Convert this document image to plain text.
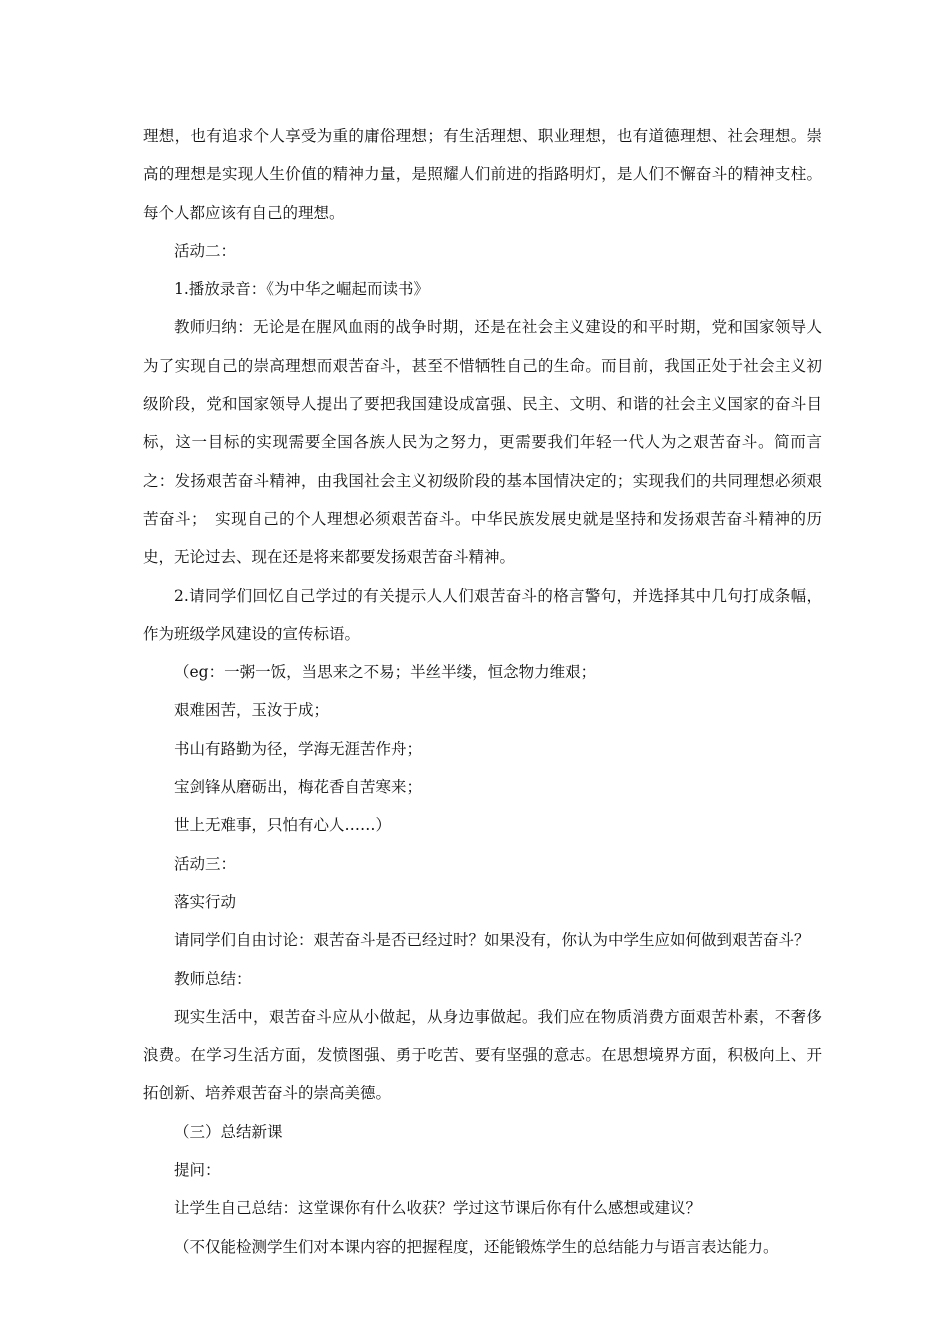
理想，也有追求个人享受为重的庸俗理想；有生活理想、职业理想，也有道德理想、社会理想。崇高的理想是实现人生价值的精神力量，是照耀人们前进的指路明灯，是人们不懈奋斗的精神支柱。每个人都应该有自己的理想。

活动二：

1.播放录音：《为中华之崛起而读书》

教师归纳：无论是在腥风血雨的战争时期，还是在社会主义建设的和平时期，党和国家领导人为了实现自己的崇高理想而艰苦奋斗，甚至不惜牺牲自己的生命。而目前，我国正处于社会主义初级阶段，党和国家领导人提出了要把我国建设成富强、民主、文明、和谐的社会主义国家的奋斗目标，这一目标的实现需要全国各族人民为之努力，更需要我们年轻一代人为之艰苦奋斗。简而言之：发扬艰苦奋斗精神，由我国社会主义初级阶段的基本国情决定的；实现我们的共同理想必须艰苦奋斗；　实现自己的个人理想必须艰苦奋斗。中华民族发展史就是坚持和发扬艰苦奋斗精神的历史，无论过去、现在还是将来都要发扬艰苦奋斗精神。

2.请同学们回忆自己学过的有关提示人人们艰苦奋斗的格言警句，并选择其中几句打成条幅，作为班级学风建设的宣传标语。

（eg：一粥一饭，当思来之不易；半丝半缕，恒念物力维艰；

艰难困苦，玉汝于成；

书山有路勤为径，学海无涯苦作舟；

宝剑锋从磨砺出，梅花香自苦寒来；

世上无难事，只怕有心人……）

活动三：

落实行动

请同学们自由讨论：艰苦奋斗是否已经过时？如果没有，你认为中学生应如何做到艰苦奋斗？

教师总结：

现实生活中，艰苦奋斗应从小做起，从身边事做起。我们应在物质消费方面艰苦朴素，不奢侈浪费。在学习生活方面，发愤图强、勇于吃苦、要有坚强的意志。在思想境界方面，积极向上、开拓创新、培养艰苦奋斗的崇高美德。

（三）总结新课

提问：

让学生自己总结：这堂课你有什么收获？学过这节课后你有什么感想或建议？

（不仅能检测学生们对本课内容的把握程度，还能锻炼学生的总结能力与语言表达能力。
